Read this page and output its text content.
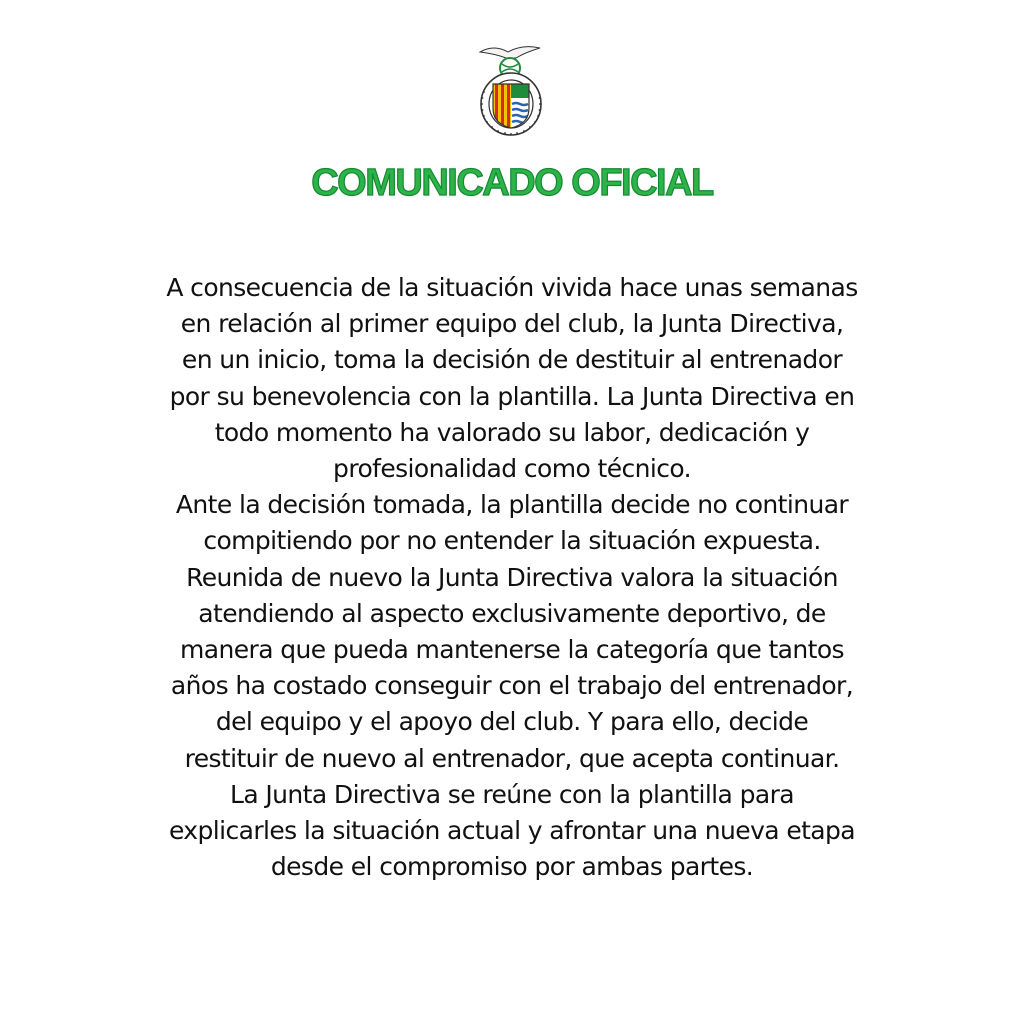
COMUNICADO OFICIAL
A consecuencia de la situación vivida hace unas semanas
en relación al primer equipo del club, la Junta Directiva,
en un inicio, toma la decisión de destituir al entrenador
por su benevolencia con la plantilla. La Junta Directiva en
todo momento ha valorado su labor, dedicación y
profesionalidad como técnico.
Ante la decisión tomada, la plantilla decide no continuar
compitiendo por no entender la situación expuesta.
Reunida de nuevo la Junta Directiva valora la situación
atendiendo al aspecto exclusivamente deportivo, de
manera que pueda mantenerse la categoría que tantos
años ha costado conseguir con el trabajo del entrenador,
del equipo y el apoyo del club. Y para ello, decide
restituir de nuevo al entrenador, que acepta continuar.
La Junta Directiva se reúne con la plantilla para
explicarles la situación actual y afrontar una nueva etapa
desde el compromiso por ambas partes.
